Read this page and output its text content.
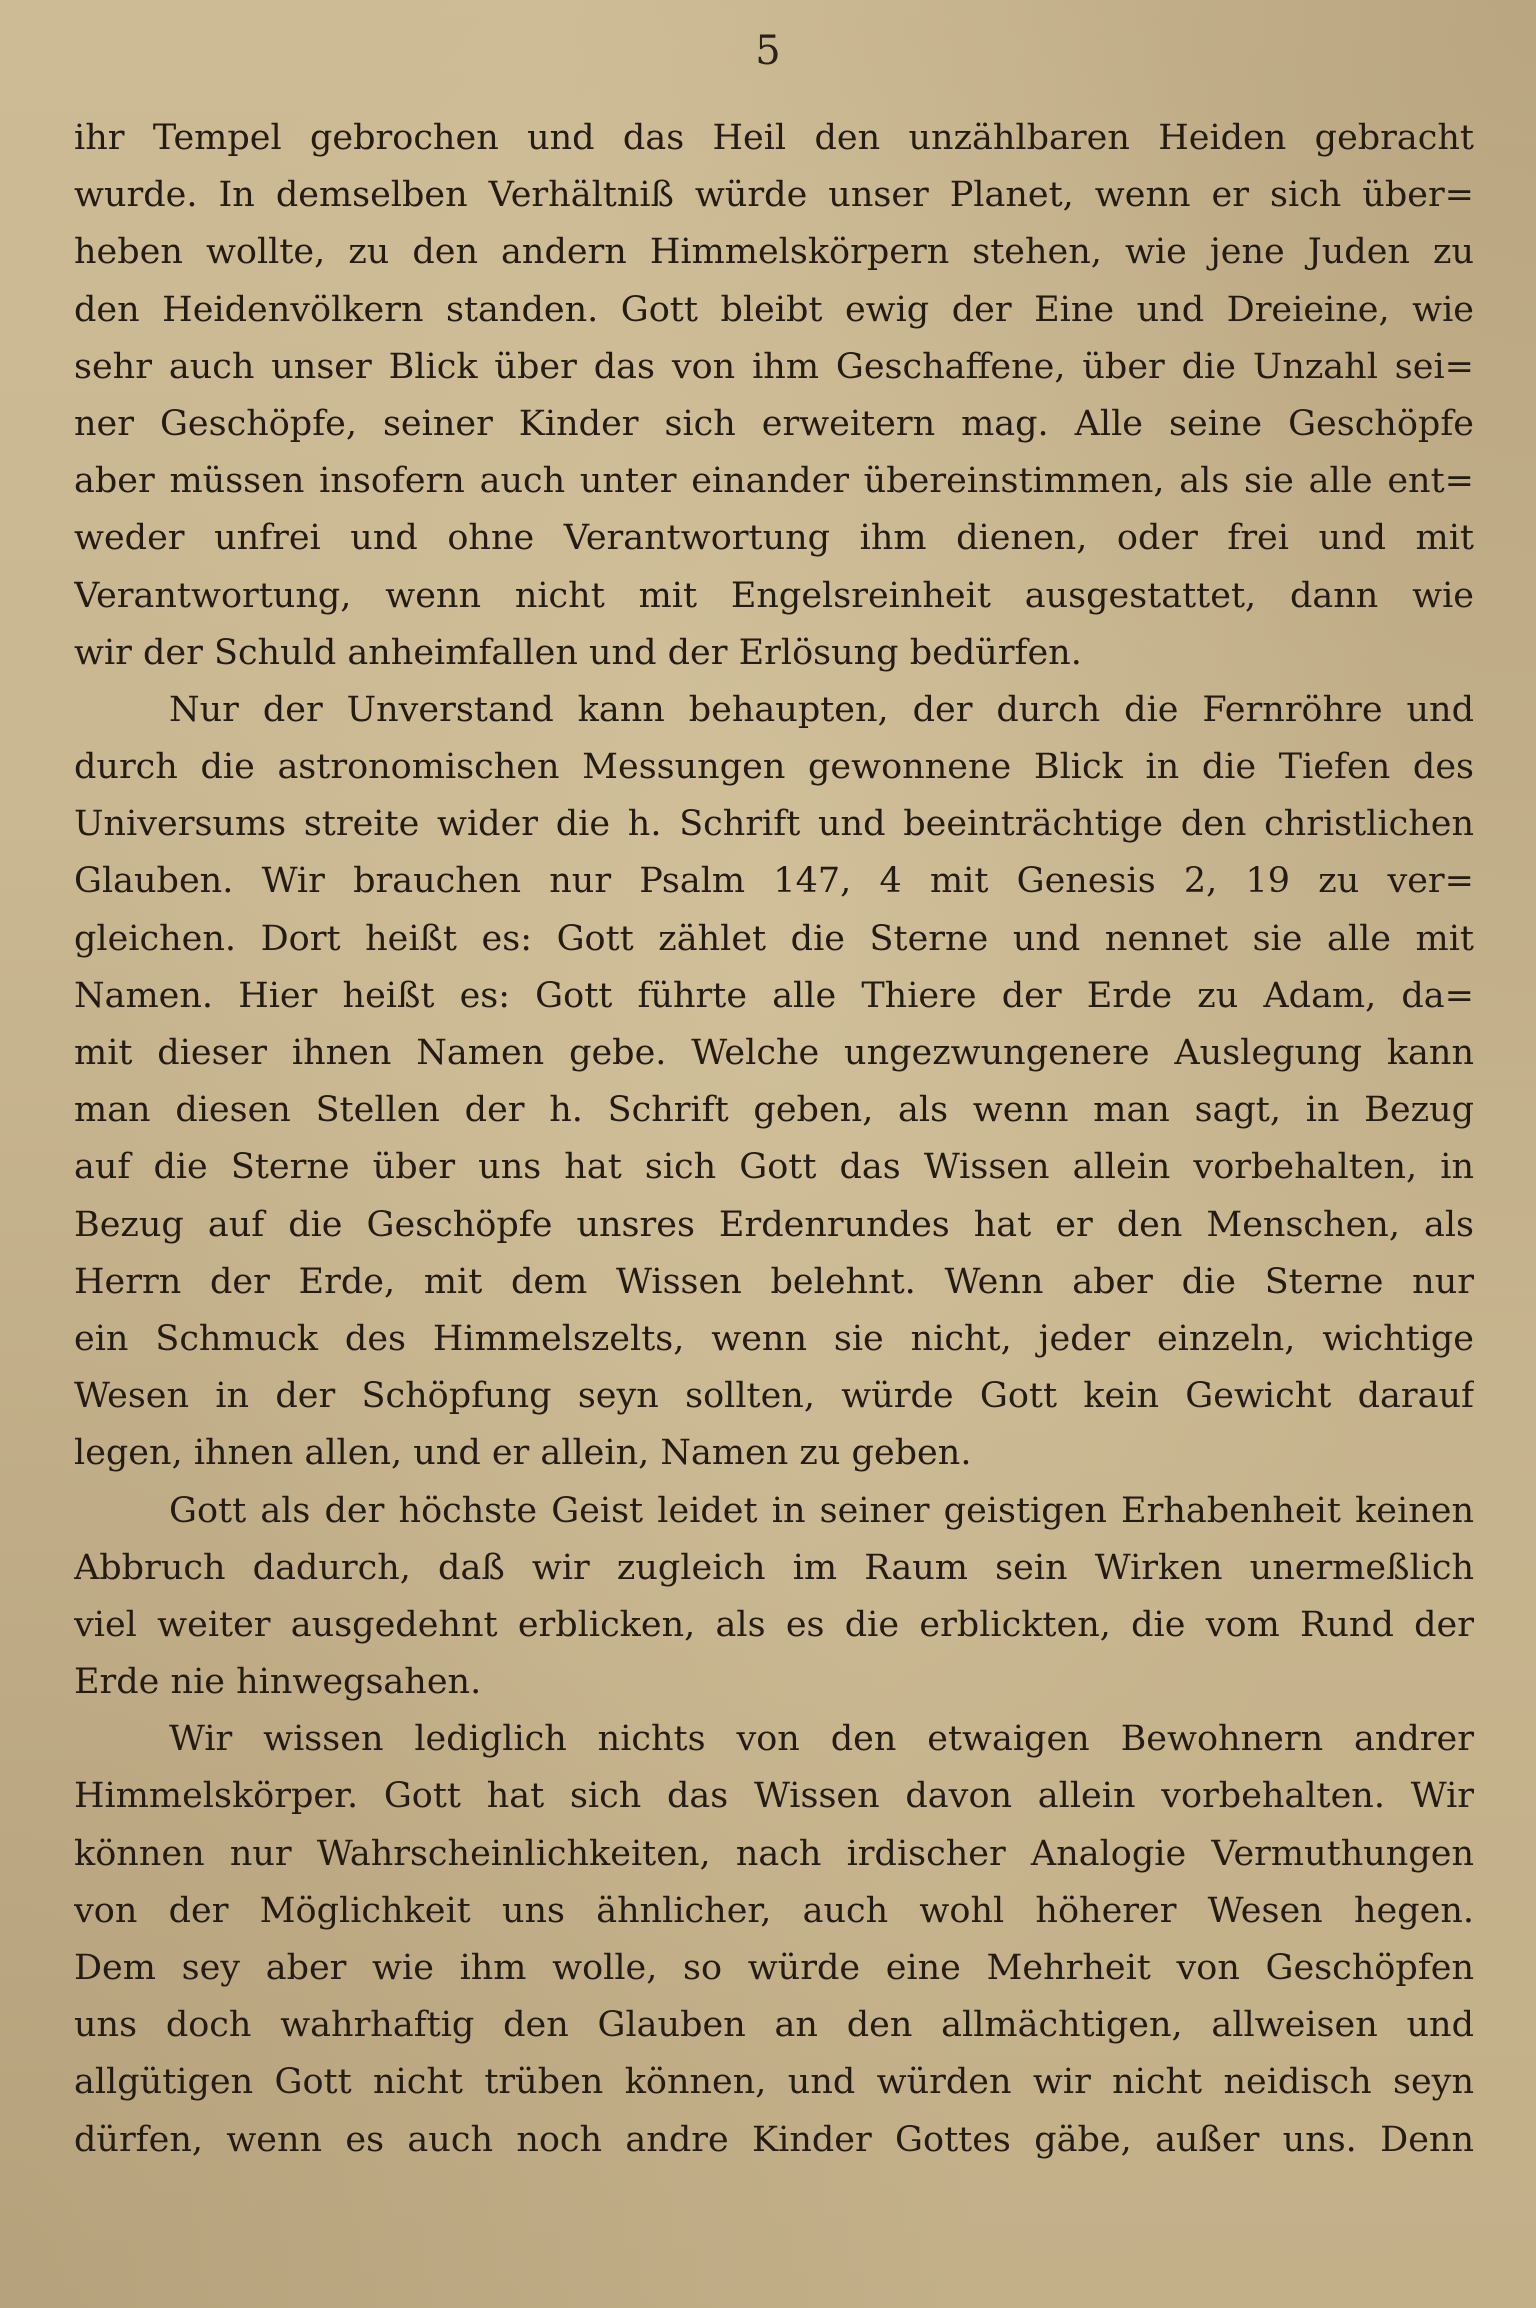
5
ihr Tempel gebrochen und das Heil den unzählbaren Heiden gebracht
wurde. In demselben Verhältniß würde unser Planet, wenn er sich über=
heben wollte, zu den andern Himmelskörpern stehen, wie jene Juden zu
den Heidenvölkern standen. Gott bleibt ewig der Eine und Dreieine, wie
sehr auch unser Blick über das von ihm Geschaffene, über die Unzahl sei=
ner Geschöpfe, seiner Kinder sich erweitern mag. Alle seine Geschöpfe
aber müssen insofern auch unter einander übereinstimmen, als sie alle ent=
weder unfrei und ohne Verantwortung ihm dienen, oder frei und mit
Verantwortung, wenn nicht mit Engelsreinheit ausgestattet, dann wie
wir der Schuld anheimfallen und der Erlösung bedürfen.
Nur der Unverstand kann behaupten, der durch die Fernröhre und
durch die astronomischen Messungen gewonnene Blick in die Tiefen des
Universums streite wider die h. Schrift und beeinträchtige den christlichen
Glauben. Wir brauchen nur Psalm 147, 4 mit Genesis 2, 19 zu ver=
gleichen. Dort heißt es: Gott zählet die Sterne und nennet sie alle mit
Namen. Hier heißt es: Gott führte alle Thiere der Erde zu Adam, da=
mit dieser ihnen Namen gebe. Welche ungezwungenere Auslegung kann
man diesen Stellen der h. Schrift geben, als wenn man sagt, in Bezug
auf die Sterne über uns hat sich Gott das Wissen allein vorbehalten, in
Bezug auf die Geschöpfe unsres Erdenrundes hat er den Menschen, als
Herrn der Erde, mit dem Wissen belehnt. Wenn aber die Sterne nur
ein Schmuck des Himmelszelts, wenn sie nicht, jeder einzeln, wichtige
Wesen in der Schöpfung seyn sollten, würde Gott kein Gewicht darauf
legen, ihnen allen, und er allein, Namen zu geben.
Gott als der höchste Geist leidet in seiner geistigen Erhabenheit keinen
Abbruch dadurch, daß wir zugleich im Raum sein Wirken unermeßlich
viel weiter ausgedehnt erblicken, als es die erblickten, die vom Rund der
Erde nie hinwegsahen.
Wir wissen lediglich nichts von den etwaigen Bewohnern andrer
Himmelskörper. Gott hat sich das Wissen davon allein vorbehalten. Wir
können nur Wahrscheinlichkeiten, nach irdischer Analogie Vermuthungen
von der Möglichkeit uns ähnlicher, auch wohl höherer Wesen hegen.
Dem sey aber wie ihm wolle, so würde eine Mehrheit von Geschöpfen
uns doch wahrhaftig den Glauben an den allmächtigen, allweisen und
allgütigen Gott nicht trüben können, und würden wir nicht neidisch seyn
dürfen, wenn es auch noch andre Kinder Gottes gäbe, außer uns. Denn
